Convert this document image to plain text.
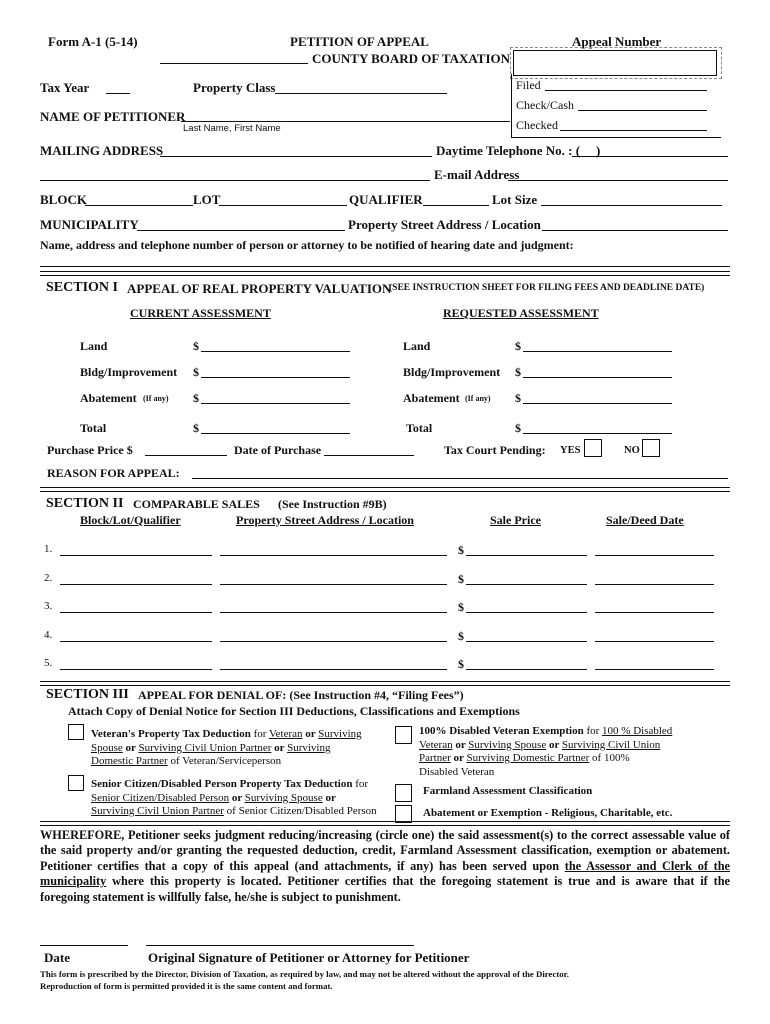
Form A-1 (5-14)	PETITION OF APPEAL
COUNTY BOARD OF TAXATION
Appeal Number
Filed
Check/Cash
Checked
Tax Year	Property Class
NAME OF PETITIONER
Last Name, First Name
MAILING ADDRESS	Daytime Telephone No. : ( )
E-mail Address
BLOCK	LOT	QUALIFIER	Lot Size
MUNICIPALITY	Property Street Address / Location
Name, address and telephone number of person or attorney to be notified of hearing date and judgment:
SECTION I APPEAL OF REAL PROPERTY VALUATION
(SEE INSTRUCTION SHEET FOR FILING FEES AND DEADLINE DATE)
CURRENT ASSESSMENT	REQUESTED ASSESSMENT
Land	$
Bldg/Improvement $
Abatement (If any) $
Total	$
Land	$
Bldg/Improvement $
Abatement (If any) $
Total	$
Purchase Price $	Date of Purchase	Tax Court Pending: YES	NO
REASON FOR APPEAL:
SECTION II COMPARABLE SALES (See Instruction #9B)
Block/Lot/Qualifier	Property Street Address / Location	Sale Price	Sale/Deed Date
1.	$
2.	$
3.	$
4.	$
5.	$
SECTION III APPEAL FOR DENIAL OF: (See Instruction #4, “Filing Fees”)
Attach Copy of Denial Notice for Section III Deductions, Classifications and Exemptions
Veteran's Property Tax Deduction for Veteran or Surviving
Spouse or Surviving Civil Union Partner or Surviving
Domestic Partner of Veteran/Serviceperson
Senior Citizen/Disabled Person Property Tax Deduction for
Senior Citizen/Disabled Person or Surviving Spouse or
Surviving Civil Union Partner of Senior Citizen/Disabled Person
100% Disabled Veteran Exemption for 100 % Disabled
Veteran or Surviving Spouse or Surviving Civil Union
Partner or Surviving Domestic Partner of 100%
Disabled Veteran
Farmland Assessment Classification
Abatement or Exemption - Religious, Charitable, etc.
WHEREFORE, Petitioner seeks judgment reducing/increasing (circle one) the said assessment(s) to the correct assessable value of the said property and/or granting the requested deduction, credit, Farmland Assessment classification, exemption or abatement. Petitioner certifies that a copy of this appeal (and attachments, if any) has been served upon the Assessor and Clerk of the municipality where this property is located. Petitioner certifies that the foregoing statement is true and is aware that if the foregoing statement is willfully false, he/she is subject to punishment.
Date	Original Signature of Petitioner or Attorney for Petitioner
This form is prescribed by the Director, Division of Taxation, as required by law, and may not be altered without the approval of the Director.
Reproduction of form is permitted provided it is the same content and format.
